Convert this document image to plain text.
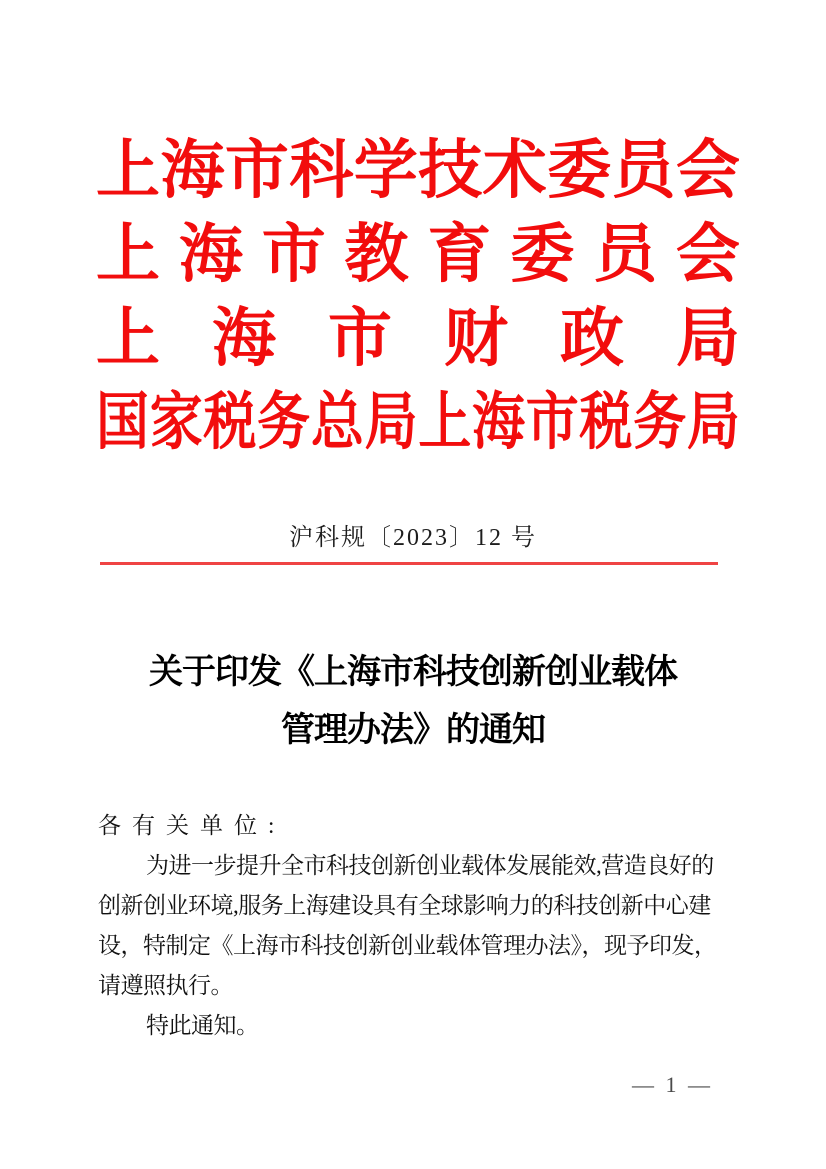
上 海 市 科 学 技 术 委 员 会
上 海 市 教 育 委 员 会
上 海 市 财 政 局
国 家 税 务 总 局 上 海 市 税 务 局
沪科规〔2023〕12 号
关于印发《上海市科技创新创业载体
管理办法》的通知
各有关单位:
为进一步提升全市科技创新创业载体发展能效,营造良好的
创新创业环境,服务上海建设具有全球影响力的科技创新中心建
设，特制定《上海市科技创新创业载体管理办法》，现予印发，
请遵照执行。
特此通知。
— 1 —
